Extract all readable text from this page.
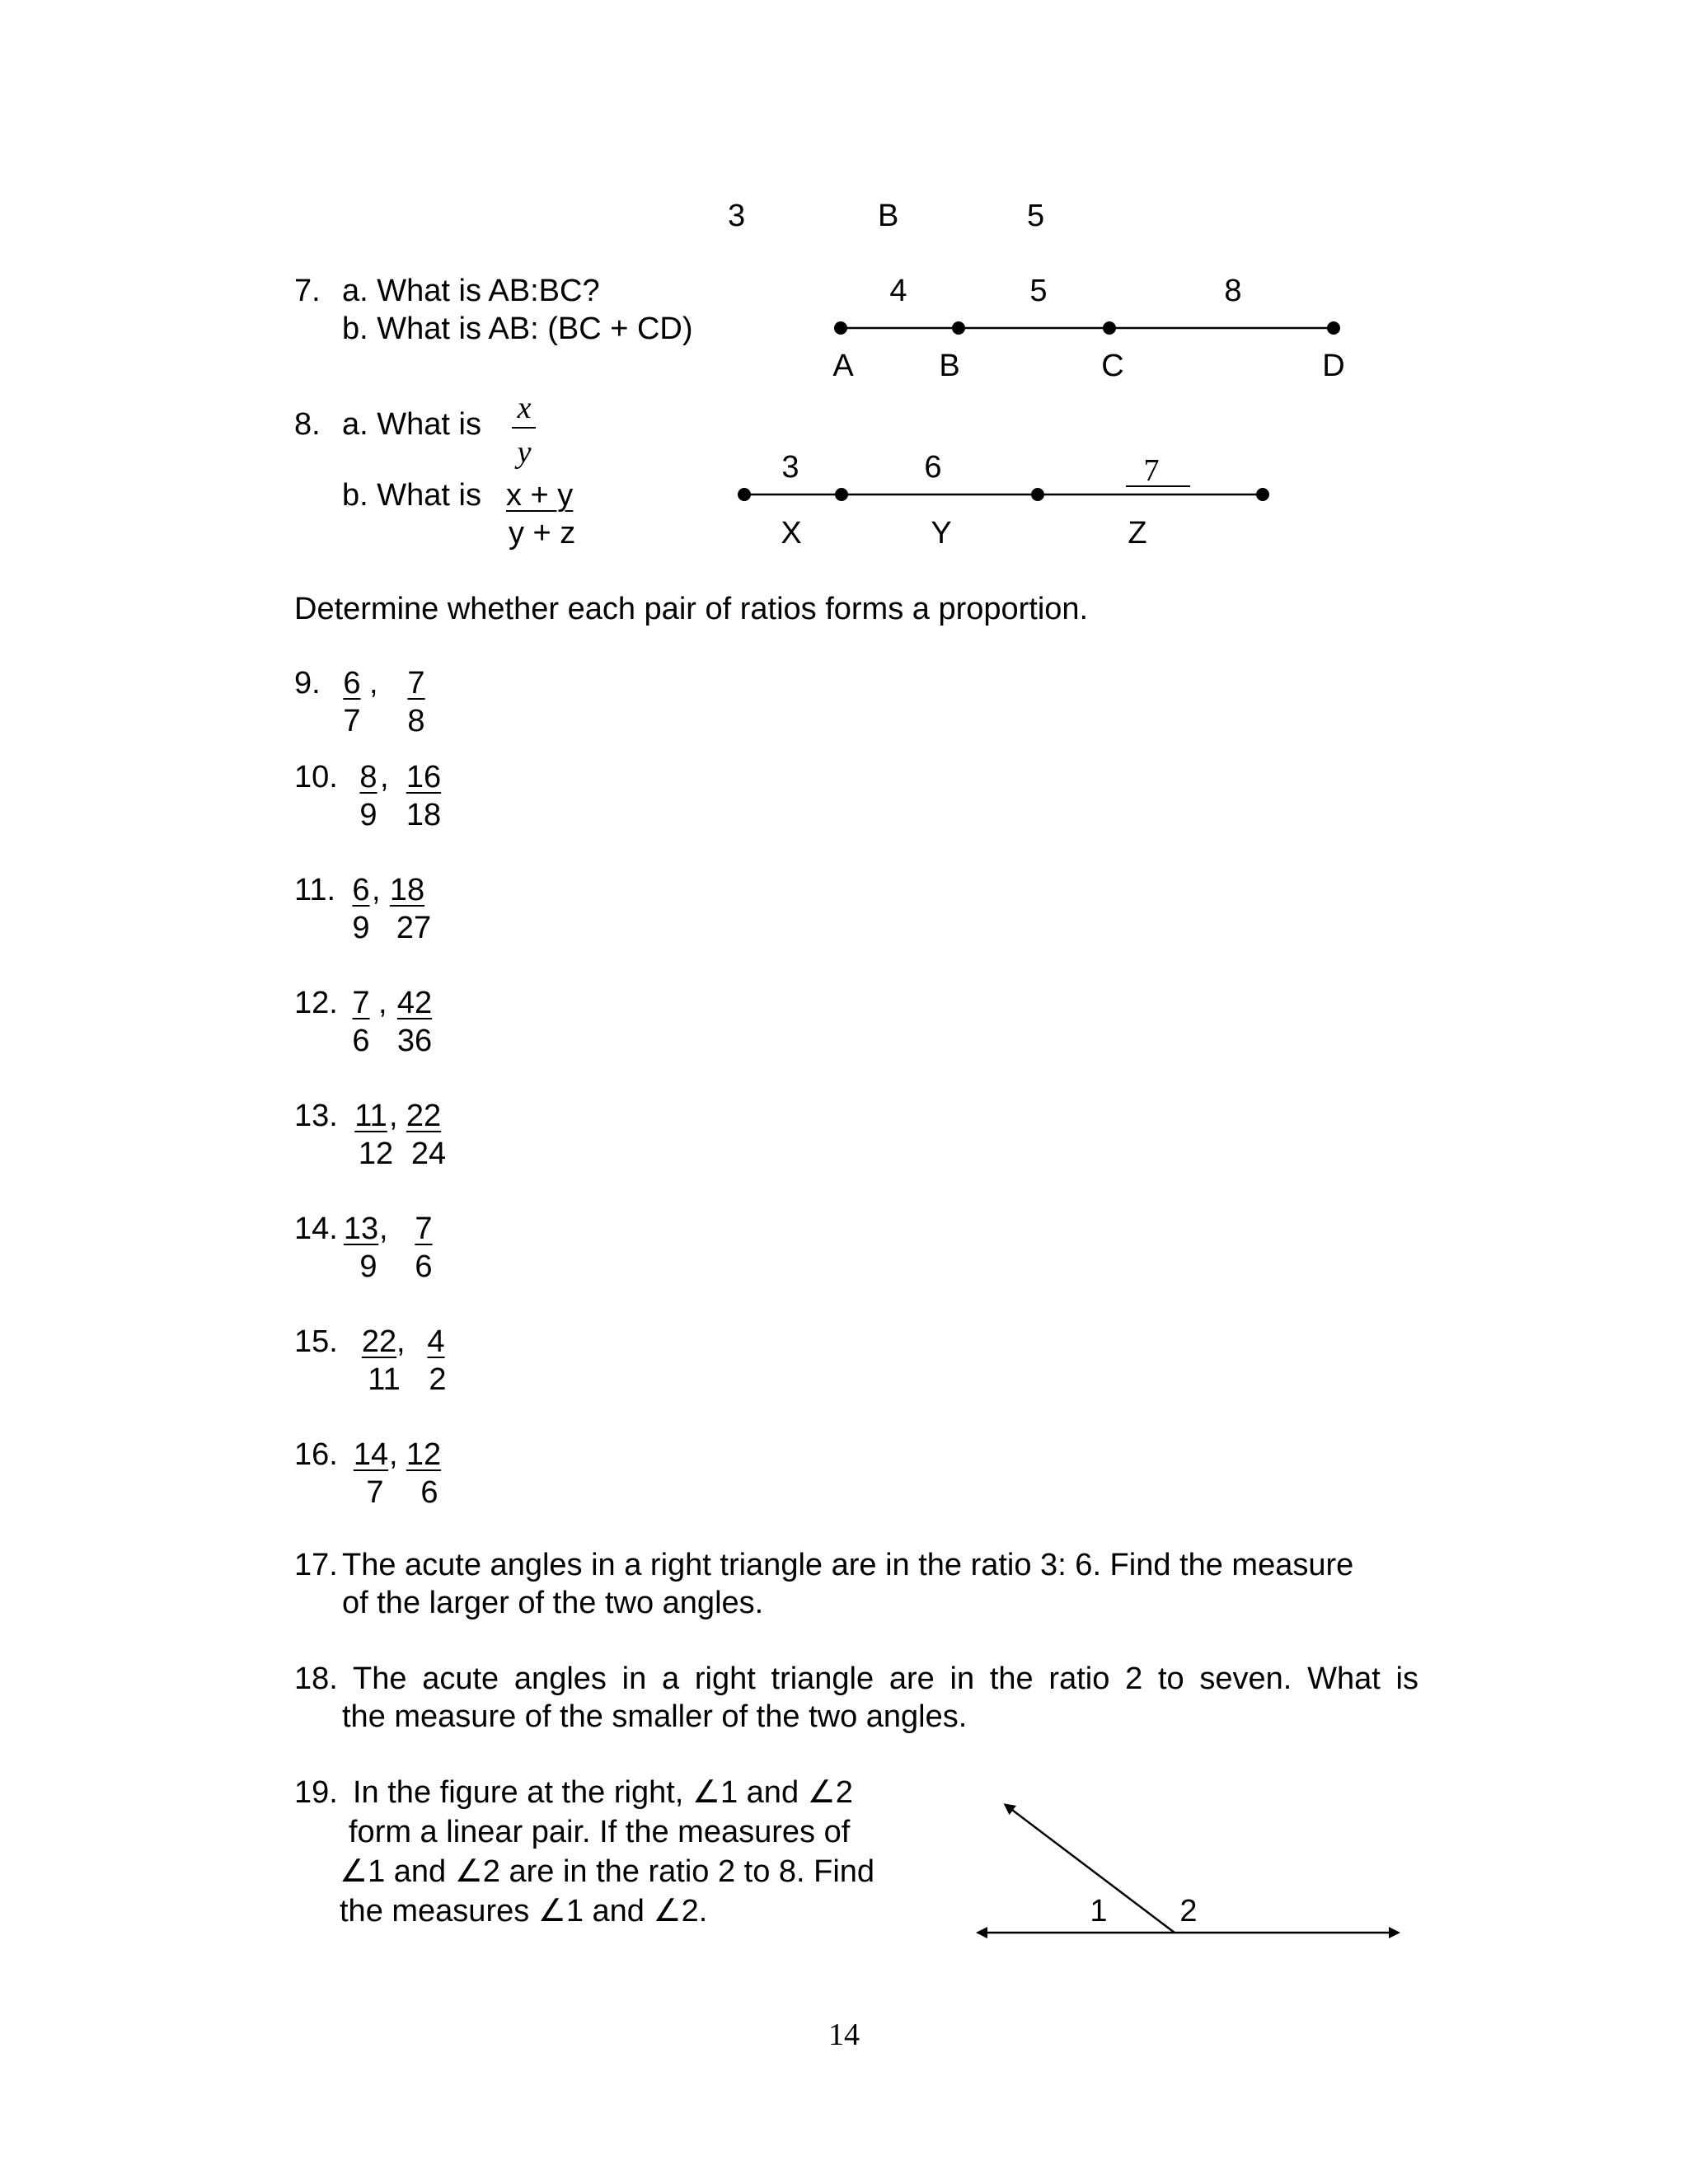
3	B	5
7. a. What is AB:BC?
b. What is AB: (BC + CD)
4	5	8
A	B	C	D
8. a. What is x
y
b. What is x + y
y + z
3	6	7
X	Y	Z
Determine whether each pair of ratios forms a proportion.
9. 6 ,
7
7
8
10. 8 ,
9
16
18
11. 6 ,
9
18
27
12. 7 ,
6
42
36
13. 11 ,
12
22
24
14. 13 ,
9
7
6
15. 22 ,
11
4
2
16. 14 ,
7
12
6
17. The acute angles in a right triangle are in the ratio 3: 6. Find the measure
of the larger of the two angles.
18. The acute angles in a right triangle are in the ratio 2 to seven. What is
the measure of the smaller of the two angles.
19. In the figure at the right, ∠1 and ∠2
form a linear pair. If the measures of
∠1 and ∠2 are in the ratio 2 to 8. Find
the measures ∠1 and ∠2.	1 2
14
